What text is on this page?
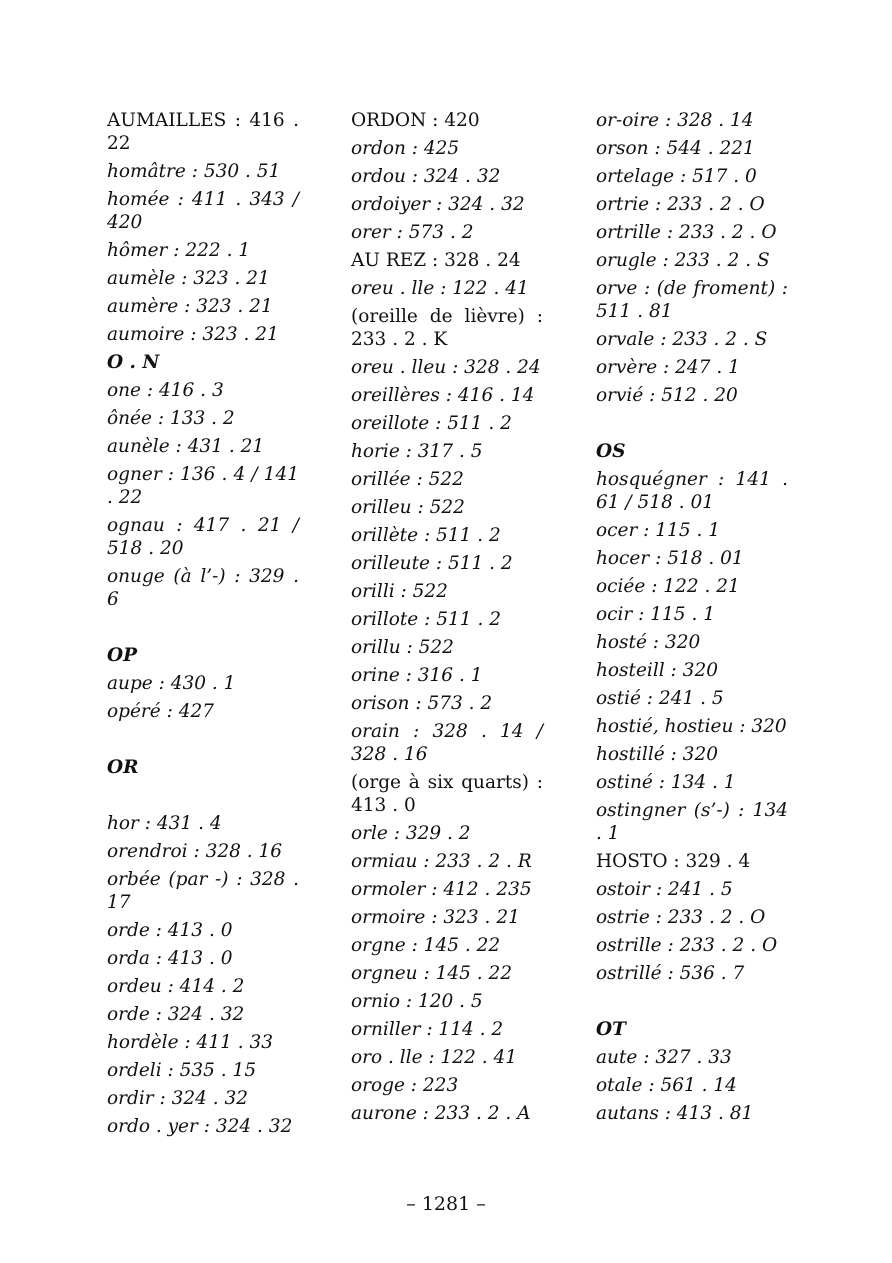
AUMAILLES : 416 . 22
homâtre : 530 . 51
homée : 411 . 343 / 420
hômer : 222 . 1
aumèle : 323 . 21
aumère : 323 . 21
aumoire : 323 . 21
O . N
one : 416 . 3
ônée : 133 . 2
aunèle : 431 . 21
ogner : 136 . 4 / 141 . 22
ognau : 417 . 21 / 518 . 20
onuge (à l’-) : 329 . 6
OP
aupe : 430 . 1
opéré : 427
OR
hor : 431 . 4
orendroi : 328 . 16
orbée (par -) : 328 . 17
orde : 413 . 0
orda : 413 . 0
ordeu : 414 . 2
orde : 324 . 32
hordèle : 411 . 33
ordeli : 535 . 15
ordir : 324 . 32
ordo . yer : 324 . 32
ORDON : 420
ordon : 425
ordou : 324 . 32
ordoiyer : 324 . 32
orer : 573 . 2
AU REZ : 328 . 24
oreu . lle : 122 . 41
(oreille de lièvre) : 233 . 2 . K
oreu . lleu : 328 . 24
oreillères : 416 . 14
oreillote : 511 . 2
horie : 317 . 5
orillée : 522
orilleu : 522
orillète : 511 . 2
orilleute : 511 . 2
orilli : 522
orillote : 511 . 2
orillu : 522
orine : 316 . 1
orison : 573 . 2
orain : 328 . 14 / 328 . 16
(orge à six quarts) : 413 . 0
orle : 329 . 2
ormiau : 233 . 2 . R
ormoler : 412 . 235
ormoire : 323 . 21
orgne : 145 . 22
orgneu : 145 . 22
ornio : 120 . 5
orniller : 114 . 2
oro . lle : 122 . 41
oroge : 223
aurone : 233 . 2 . A
or-oire : 328 . 14
orson : 544 . 221
ortelage : 517 . 0
ortrie : 233 . 2 . O
ortrille : 233 . 2 . O
orugle : 233 . 2 . S
orve : (de froment) : 511 . 81
orvale : 233 . 2 . S
orvère : 247 . 1
orvié : 512 . 20
OS
hosquégner : 141 . 61 / 518 . 01
ocer : 115 . 1
hocer : 518 . 01
ociée : 122 . 21
ocir : 115 . 1
hosté : 320
hosteill : 320
ostié : 241 . 5
hostié, hostieu : 320
hostillé : 320
ostiné : 134 . 1
ostingner (s’-) : 134 . 1
HOSTO : 329 . 4
ostoir : 241 . 5
ostrie : 233 . 2 . O
ostrille : 233 . 2 . O
ostrillé : 536 . 7
OT
aute : 327 . 33
otale : 561 . 14
autans : 413 . 81
– 1281 –
